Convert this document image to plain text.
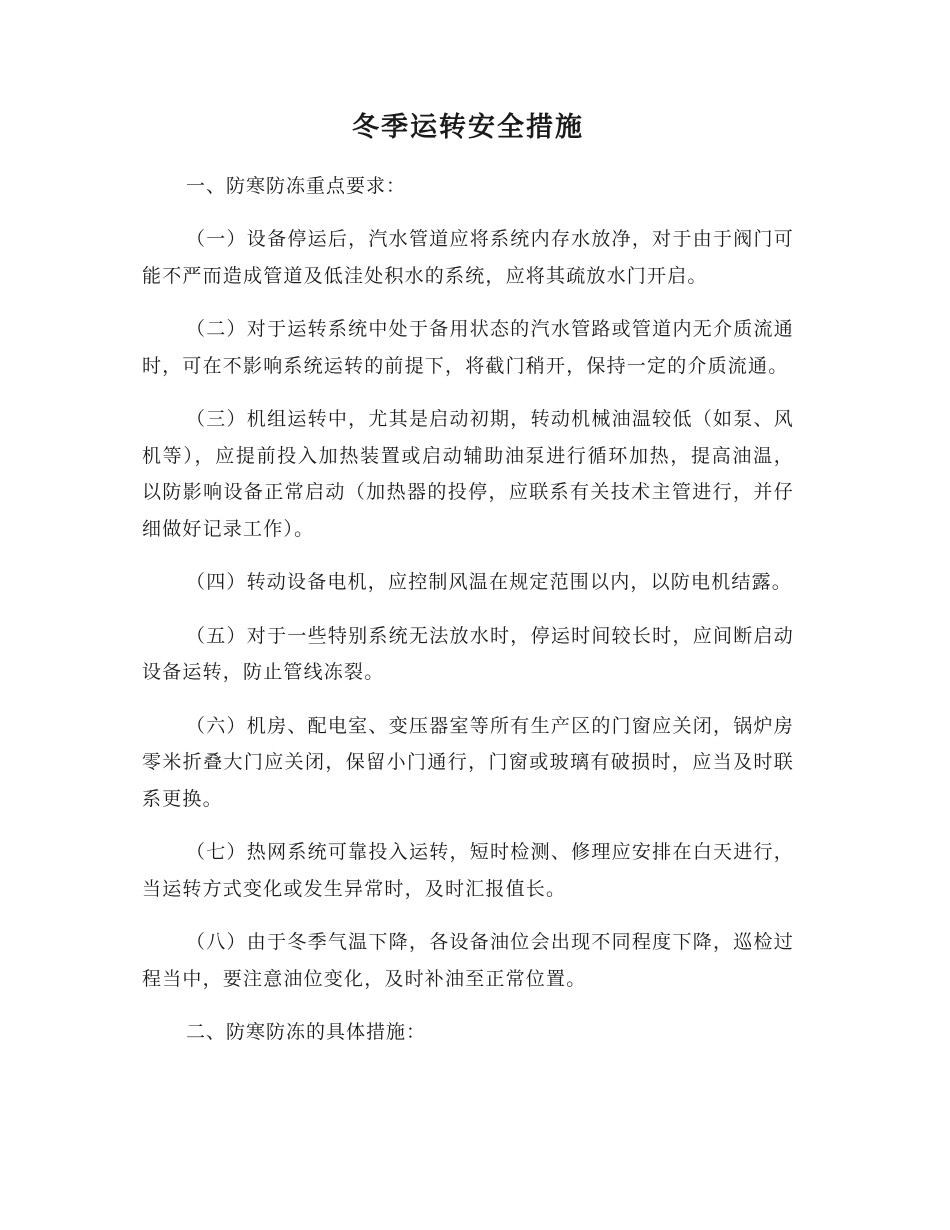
冬季运转安全措施

一、防寒防冻重点要求：

（一）设备停运后，汽水管道应将系统内存水放净，对于由于阀门可能不严而造成管道及低洼处积水的系统，应将其疏放水门开启。

（二）对于运转系统中处于备用状态的汽水管路或管道内无介质流通时，可在不影响系统运转的前提下，将截门稍开，保持一定的介质流通。

（三）机组运转中，尤其是启动初期，转动机械油温较低（如泵、风机等），应提前投入加热装置或启动辅助油泵进行循环加热，提高油温，以防影响设备正常启动（加热器的投停，应联系有关技术主管进行，并仔细做好记录工作）。

（四）转动设备电机，应控制风温在规定范围以内，以防电机结露。

（五）对于一些特别系统无法放水时，停运时间较长时，应间断启动设备运转，防止管线冻裂。

（六）机房、配电室、变压器室等所有生产区的门窗应关闭，锅炉房零米折叠大门应关闭，保留小门通行，门窗或玻璃有破损时，应当及时联系更换。

（七）热网系统可靠投入运转，短时检测、修理应安排在白天进行，当运转方式变化或发生异常时，及时汇报值长。

（八）由于冬季气温下降，各设备油位会出现不同程度下降，巡检过程当中，要注意油位变化，及时补油至正常位置。

二、防寒防冻的具体措施：
